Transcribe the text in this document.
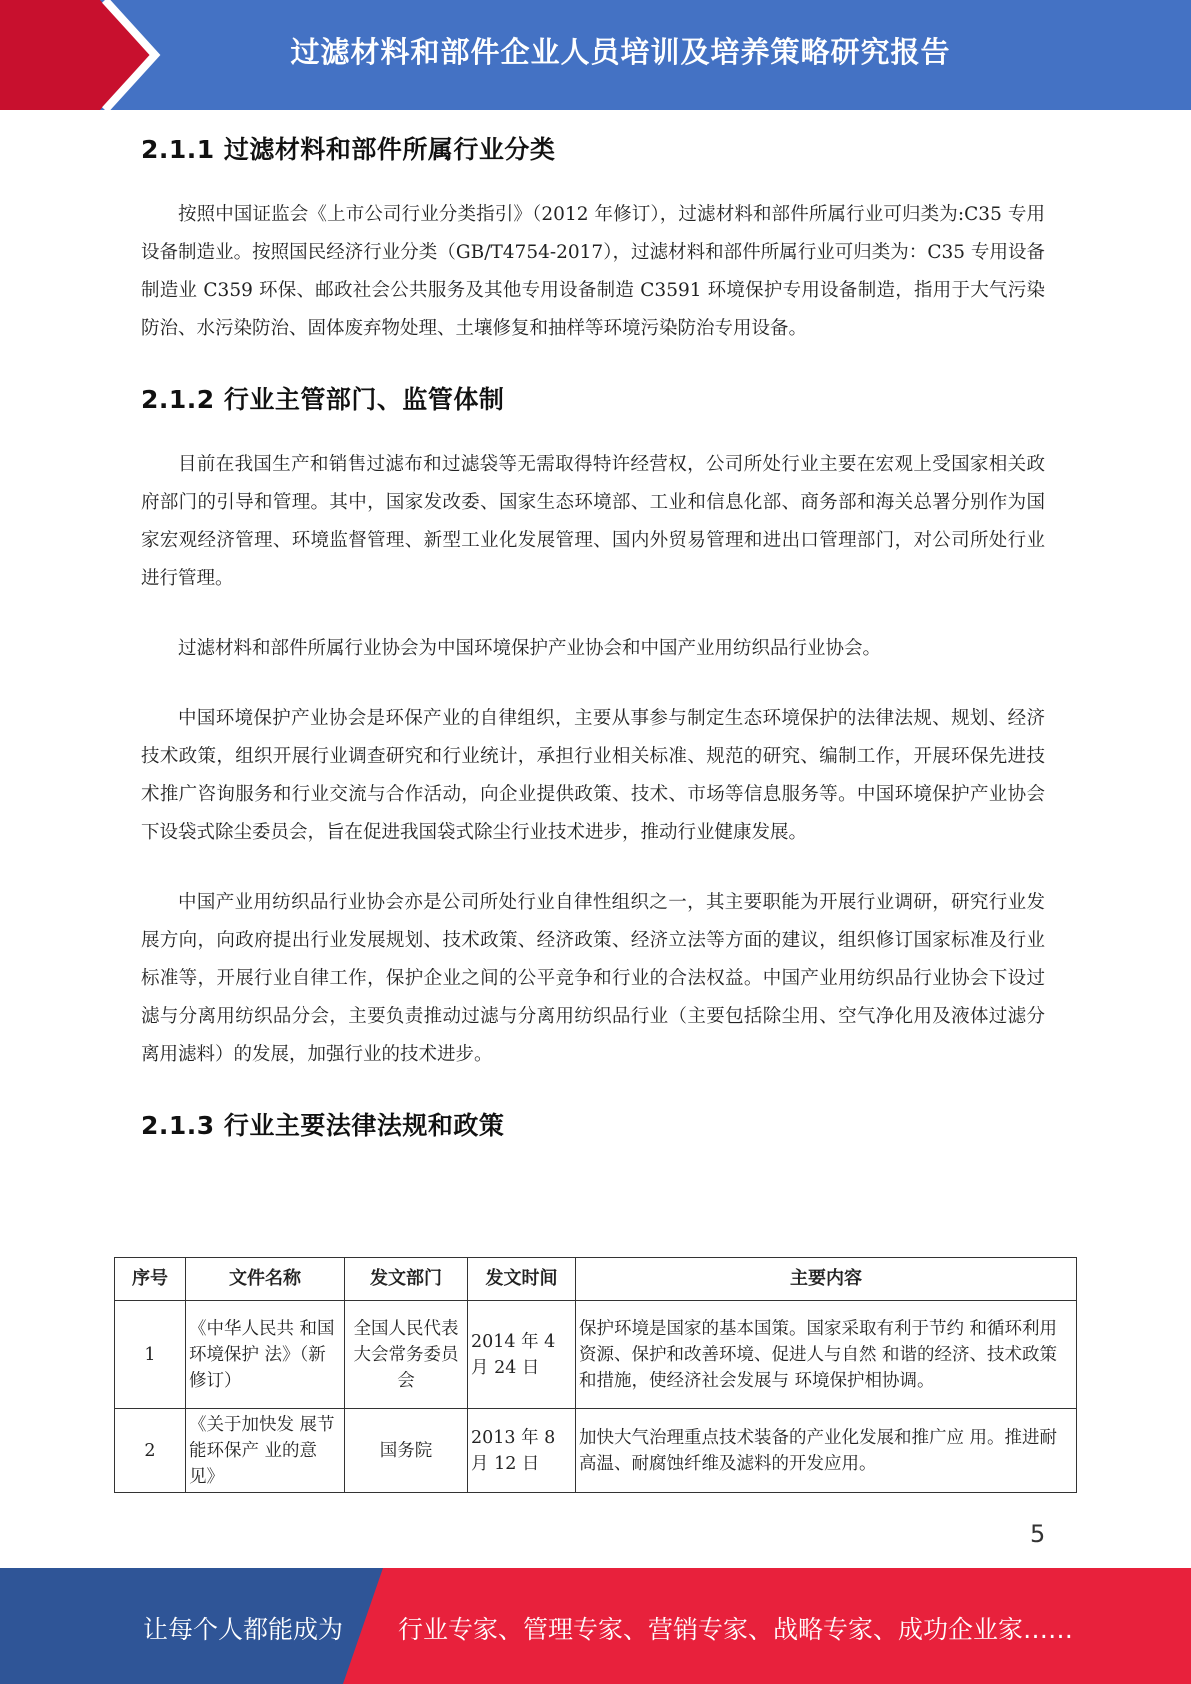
过滤材料和部件企业人员培训及培养策略研究报告
2.1.1 过滤材料和部件所属行业分类

按照中国证监会《上市公司行业分类指引》（2012 年修订），过滤材料和部件所属行业可归类为:C35 专用设备制造业。按照国民经济行业分类（GB/T4754-2017），过滤材料和部件所属行业可归类为：C35 专用设备制造业 C359 环保、邮政社会公共服务及其他专用设备制造 C3591 环境保护专用设备制造，指用于大气污染防治、水污染防治、固体废弃物处理、土壤修复和抽样等环境污染防治专用设备。

2.1.2 行业主管部门、监管体制

目前在我国生产和销售过滤布和过滤袋等无需取得特许经营权，公司所处行业主要在宏观上受国家相关政府部门的引导和管理。其中，国家发改委、国家生态环境部、工业和信息化部、商务部和海关总署分别作为国家宏观经济管理、环境监督管理、新型工业化发展管理、国内外贸易管理和进出口管理部门，对公司所处行业进行管理。

过滤材料和部件所属行业协会为中国环境保护产业协会和中国产业用纺织品行业协会。

中国环境保护产业协会是环保产业的自律组织，主要从事参与制定生态环境保护的法律法规、规划、经济技术政策，组织开展行业调查研究和行业统计，承担行业相关标准、规范的研究、编制工作，开展环保先进技术推广咨询服务和行业交流与合作活动，向企业提供政策、技术、市场等信息服务等。中国环境保护产业协会下设袋式除尘委员会，旨在促进我国袋式除尘行业技术进步，推动行业健康发展。

中国产业用纺织品行业协会亦是公司所处行业自律性组织之一，其主要职能为开展行业调研，研究行业发展方向，向政府提出行业发展规划、技术政策、经济政策、经济立法等方面的建议，组织修订国家标准及行业标准等，开展行业自律工作，保护企业之间的公平竞争和行业的合法权益。中国产业用纺织品行业协会下设过滤与分离用纺织品分会，主要负责推动过滤与分离用纺织品行业（主要包括除尘用、空气净化用及液体过滤分离用滤料）的发展，加强行业的技术进步。

2.1.3 行业主要法律法规和政策
序号	文件名称	发文部门	发文时间	主要内容
1	《中华人民共 和国环境保护 法》（新修订）	全国人民代表大会常务委员会	2014 年 4 月 24 日	保护环境是国家的基本国策。国家采取有利于节约 和循环利用资源、保护和改善环境、促进人与自然 和谐的经济、技术政策和措施，使经济社会发展与 环境保护相协调。
2	《关于加快发 展节能环保产 业的意见》	国务院	2013 年 8 月 12 日	加快大气治理重点技术装备的产业化发展和推广应 用。推进耐高温、耐腐蚀纤维及滤料的开发应用。
5
让每个人都能成为 行业专家、管理专家、营销专家、战略专家、成功企业家……
